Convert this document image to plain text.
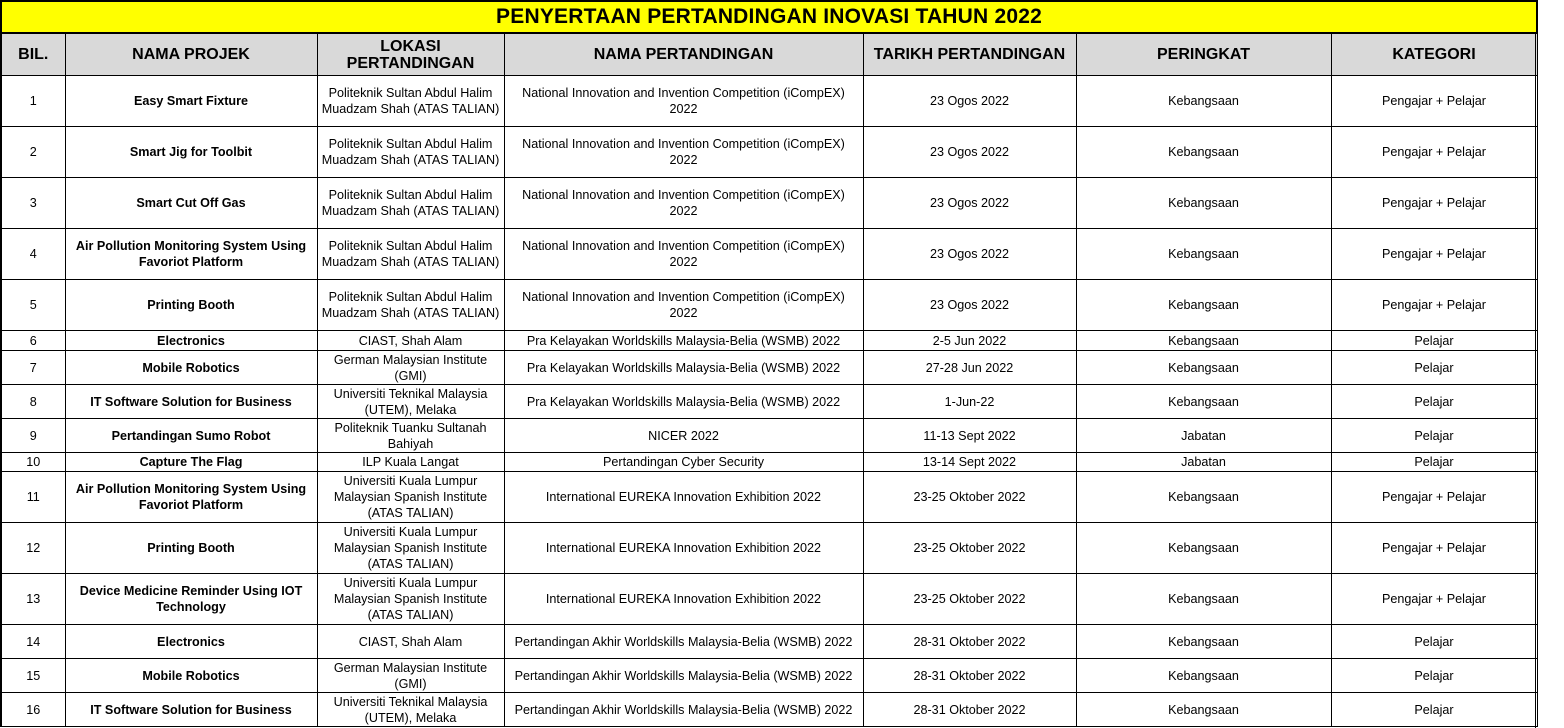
PENYERTAAN PERTANDINGAN INOVASI TAHUN 2022						
BIL.	NAMA PROJEK	LOKASI PERTANDINGAN	NAMA PERTANDINGAN	TARIKH PERTANDINGAN	PERINGKAT	KATEGORI
1	Easy Smart Fixture	Politeknik Sultan Abdul Halim Muadzam Shah (ATAS TALIAN)	National Innovation and Invention Competition (iCompEX) 2022	23 Ogos 2022	Kebangsaan	Pengajar + Pelajar
2	Smart Jig for Toolbit	Politeknik Sultan Abdul Halim Muadzam Shah (ATAS TALIAN)	National Innovation and Invention Competition (iCompEX) 2022	23 Ogos 2022	Kebangsaan	Pengajar + Pelajar
3	Smart Cut Off Gas	Politeknik Sultan Abdul Halim Muadzam Shah (ATAS TALIAN)	National Innovation and Invention Competition (iCompEX) 2022	23 Ogos 2022	Kebangsaan	Pengajar + Pelajar
4	Air Pollution Monitoring System Using Favoriot Platform	Politeknik Sultan Abdul Halim Muadzam Shah (ATAS TALIAN)	National Innovation and Invention Competition (iCompEX) 2022	23 Ogos 2022	Kebangsaan	Pengajar + Pelajar
5	Printing Booth	Politeknik Sultan Abdul Halim Muadzam Shah (ATAS TALIAN)	National Innovation and Invention Competition (iCompEX) 2022	23 Ogos 2022	Kebangsaan	Pengajar + Pelajar
6	Electronics	CIAST, Shah Alam	Pra Kelayakan Worldskills Malaysia-Belia (WSMB) 2022	2-5 Jun 2022	Kebangsaan	Pelajar
7	Mobile Robotics	German Malaysian Institute (GMI)	Pra Kelayakan Worldskills Malaysia-Belia (WSMB) 2022	27-28 Jun 2022	Kebangsaan	Pelajar
8	IT Software Solution for Business	Universiti Teknikal Malaysia (UTEM), Melaka	Pra Kelayakan Worldskills Malaysia-Belia (WSMB) 2022	1-Jun-22	Kebangsaan	Pelajar
9	Pertandingan Sumo Robot	Politeknik Tuanku Sultanah Bahiyah	NICER 2022	11-13 Sept 2022	Jabatan	Pelajar
10	Capture The Flag	ILP Kuala Langat	Pertandingan Cyber Security	13-14 Sept 2022	Jabatan	Pelajar
11	Air Pollution Monitoring System Using Favoriot Platform	Universiti Kuala Lumpur Malaysian Spanish Institute (ATAS TALIAN)	International EUREKA Innovation Exhibition 2022	23-25 Oktober 2022	Kebangsaan	Pengajar + Pelajar
12	Printing Booth	Universiti Kuala Lumpur Malaysian Spanish Institute (ATAS TALIAN)	International EUREKA Innovation Exhibition 2022	23-25 Oktober 2022	Kebangsaan	Pengajar + Pelajar
13	Device Medicine Reminder Using IOT Technology	Universiti Kuala Lumpur Malaysian Spanish Institute (ATAS TALIAN)	International EUREKA Innovation Exhibition 2022	23-25 Oktober 2022	Kebangsaan	Pengajar + Pelajar
14	Electronics	CIAST, Shah Alam	Pertandingan Akhir Worldskills Malaysia-Belia (WSMB) 2022	28-31 Oktober 2022	Kebangsaan	Pelajar
15	Mobile Robotics	German Malaysian Institute (GMI)	Pertandingan Akhir Worldskills Malaysia-Belia (WSMB) 2022	28-31 Oktober 2022	Kebangsaan	Pelajar
16	IT Software Solution for Business	Universiti Teknikal Malaysia (UTEM), Melaka	Pertandingan Akhir Worldskills Malaysia-Belia (WSMB) 2022	28-31 Oktober 2022	Kebangsaan	Pelajar
